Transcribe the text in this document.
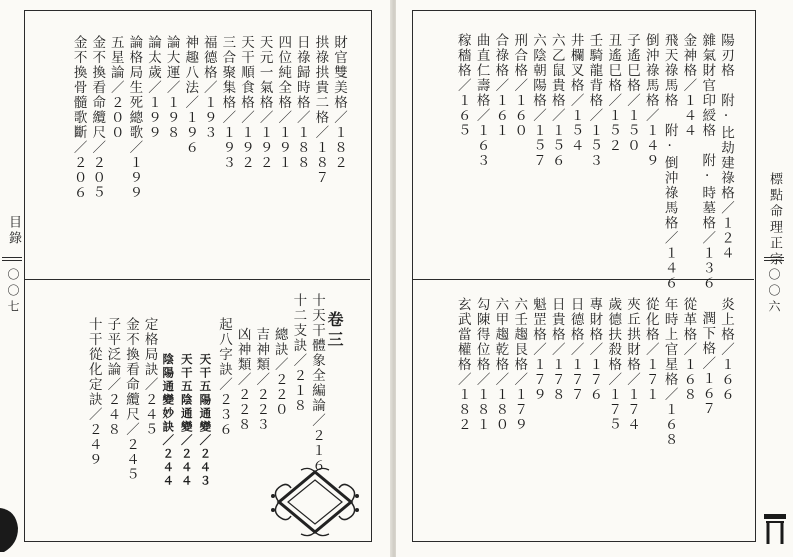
財官雙美格／１８２
拱祿拱貴二格／１８７
日祿歸時格／１８８
四位純全格／１９１
天元一氣格／１９２
天干順食格／１９２
三合聚集格／１９３
福德格／１９３
神趣八法／１９６
論大運／１９８
論太歲／１９９
論格局生死總歌／１９９
五星論／２００
金不換看命纜尺／２０５
金不換骨髓歌斷／２０６
卷三
十天干體象全編論／２１６
十二支訣／２１８
總訣／２２０
吉神類／２２３
凶神類／２２８
起八字訣／２３６
天干五陽通變／２４３
天干五陰通變／２４４
陰陽通變妙訣／２４４
定格局訣／２４５
金不換看命纜尺／２４５
子平泛論／２４８
十干從化定訣／２４９
目錄
〇〇七
陽刃格　附·比劫建祿格／１２４
雜氣財官印綬格　附·時墓格／１３６
金神格／１４４
飛天祿馬格　附·倒沖祿馬格／１４６
倒沖祿馬格／１４９
子遙巳格／１５０
丑遙巳格／１５２
壬騎龍背格／１５３
井欄叉格／１５４
六乙鼠貴格／１５６
六陰朝陽格／１５７
刑合格／１６０
合祿格／１６１
曲直仁壽格／１６３
稼穡格／１６５
炎上格／１６６
潤下格／１６７
從革格／１６８
年時上官星格／１６８
從化格／１７１
夾丘拱財格／１７４
歲德扶殺格／１７５
專財格／１７６
日德格／１７７
日貴格／１７８
魁罡格／１７９
六壬趨艮格／１７９
六甲趨乾格／１８０
勾陳得位格／１８１
玄武當權格／１８２
標點命理正宗
〇〇六
